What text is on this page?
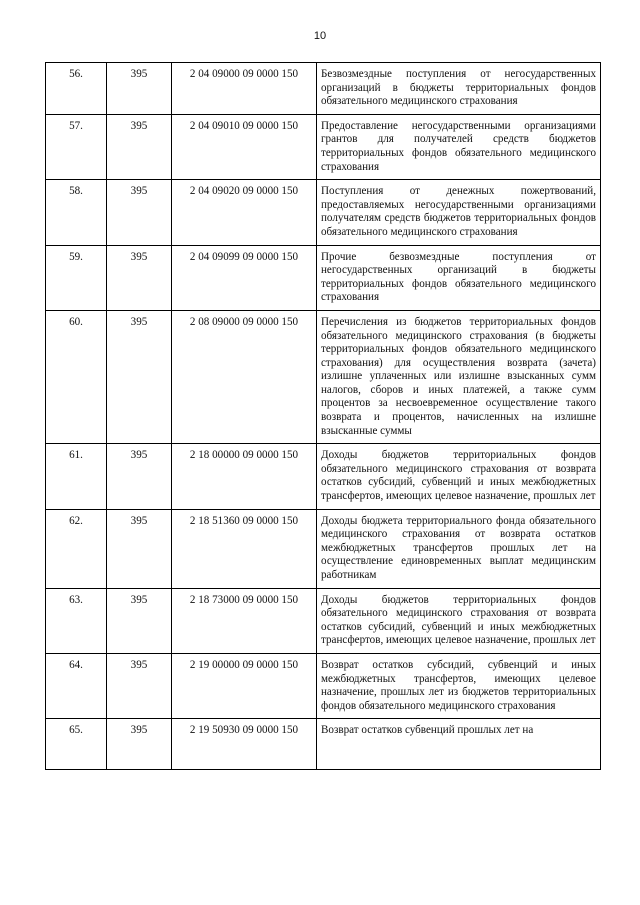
10
56.	395	2 04 09000 09 0000 150	Безвозмездные поступления от негосударственных организаций в бюджеты территориальных фондов обязательного медицинского страхования
57.	395	2 04 09010 09 0000 150	Предоставление негосударственными организациями грантов для получателей средств бюджетов территориальных фондов обязательного медицинского страхования
58.	395	2 04 09020 09 0000 150	Поступления от денежных пожертвований, предоставляемых негосударственными организациями получателям средств бюджетов территориальных фондов обязательного медицинского страхования
59.	395	2 04 09099 09 0000 150	Прочие безвозмездные поступления от негосударственных организаций в бюджеты территориальных фондов обязательного медицинского страхования
60.	395	2 08 09000 09 0000 150	Перечисления из бюджетов территориальных фондов обязательного медицинского страхования (в бюджеты территориальных фондов обязательного медицинского страхования) для осуществления возврата (зачета) излишне уплаченных или излишне взысканных сумм налогов, сборов и иных платежей, а также сумм процентов за несвоевременное осуществление такого возврата и процентов, начисленных на излишне взысканные суммы
61.	395	2 18 00000 09 0000 150	Доходы бюджетов территориальных фондов обязательного медицинского страхования от возврата остатков субсидий, субвенций и иных межбюджетных трансфертов, имеющих целевое назначение, прошлых лет
62.	395	2 18 51360 09 0000 150	Доходы бюджета территориального фонда обязательного медицинского страхования от возврата остатков межбюджетных трансфертов прошлых лет на осуществление единовременных выплат медицинским работникам
63.	395	2 18 73000 09 0000 150	Доходы бюджетов территориальных фондов обязательного медицинского страхования от возврата остатков субсидий, субвенций и иных межбюджетных трансфертов, имеющих целевое назначение, прошлых лет
64.	395	2 19 00000 09 0000 150	Возврат остатков субсидий, субвенций и иных межбюджетных трансфертов, имеющих целевое назначение, прошлых лет из бюджетов территориальных фондов обязательного медицинского страхования
65.	395	2 19 50930 09 0000 150	Возврат остатков субвенций прошлых лет на
